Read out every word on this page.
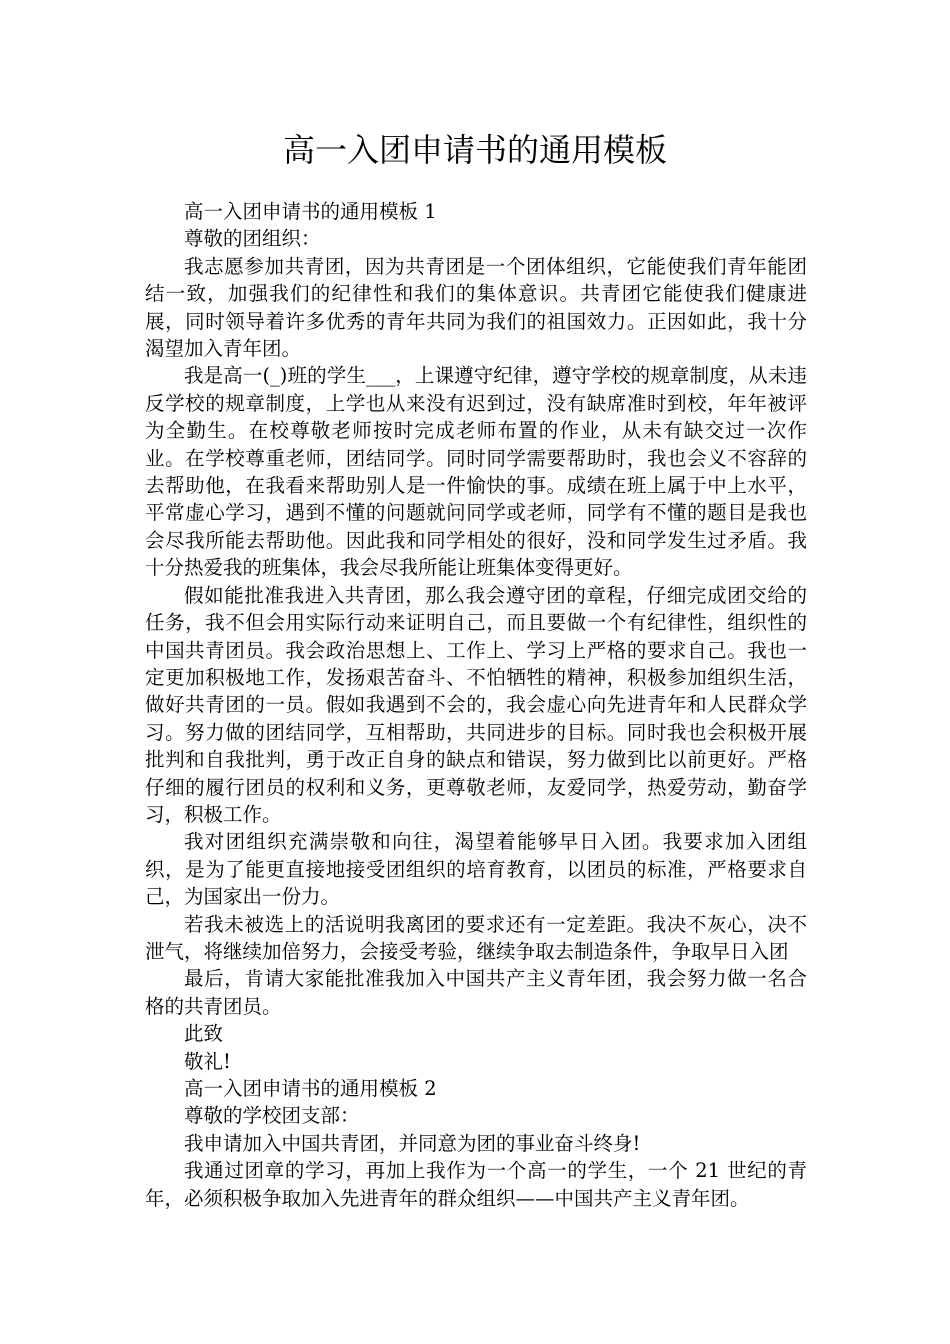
高一入团申请书的通用模板

高一入团申请书的通用模板 1

尊敬的团组织：

我志愿参加共青团，因为共青团是一个团体组织，它能使我们青年能团结一致，加强我们的纪律性和我们的集体意识。共青团它能使我们健康进展，同时领导着许多优秀的青年共同为我们的祖国效力。正因如此，我十分渴望加入青年团。

我是高一(_)班的学生___，上课遵守纪律，遵守学校的规章制度，从未违反学校的规章制度，上学也从来没有迟到过，没有缺席准时到校，年年被评为全勤生。在校尊敬老师按时完成老师布置的作业，从未有缺交过一次作业。在学校尊重老师，团结同学。同时同学需要帮助时，我也会义不容辞的去帮助他，在我看来帮助别人是一件愉快的事。成绩在班上属于中上水平，平常虚心学习，遇到不懂的问题就问同学或老师，同学有不懂的题目是我也会尽我所能去帮助他。因此我和同学相处的很好，没和同学发生过矛盾。我十分热爱我的班集体，我会尽我所能让班集体变得更好。

假如能批准我进入共青团，那么我会遵守团的章程，仔细完成团交给的任务，我不但会用实际行动来证明自己，而且要做一个有纪律性，组织性的中国共青团员。我会政治思想上、工作上、学习上严格的要求自己。我也一定更加积极地工作，发扬艰苦奋斗、不怕牺牲的精神，积极参加组织生活，做好共青团的一员。假如我遇到不会的，我会虚心向先进青年和人民群众学习。努力做的团结同学，互相帮助，共同进步的目标。同时我也会积极开展批判和自我批判，勇于改正自身的缺点和错误，努力做到比以前更好。严格仔细的履行团员的权利和义务，更尊敬老师，友爱同学，热爱劳动，勤奋学习，积极工作。

我对团组织充满崇敬和向往，渴望着能够早日入团。我要求加入团组织，是为了能更直接地接受团组织的培育教育，以团员的标准，严格要求自己，为国家出一份力。

若我未被选上的活说明我离团的要求还有一定差距。我决不灰心，决不泄气，将继续加倍努力，会接受考验，继续争取去制造条件，争取早日入团

最后，肯请大家能批准我加入中国共产主义青年团，我会努力做一名合格的共青团员。

此致

敬礼!

高一入团申请书的通用模板 2

尊敬的学校团支部：

我申请加入中国共青团，并同意为团的事业奋斗终身!

我通过团章的学习，再加上我作为一个高一的学生，一个 21 世纪的青年，必须积极争取加入先进青年的群众组织——中国共产主义青年团。
